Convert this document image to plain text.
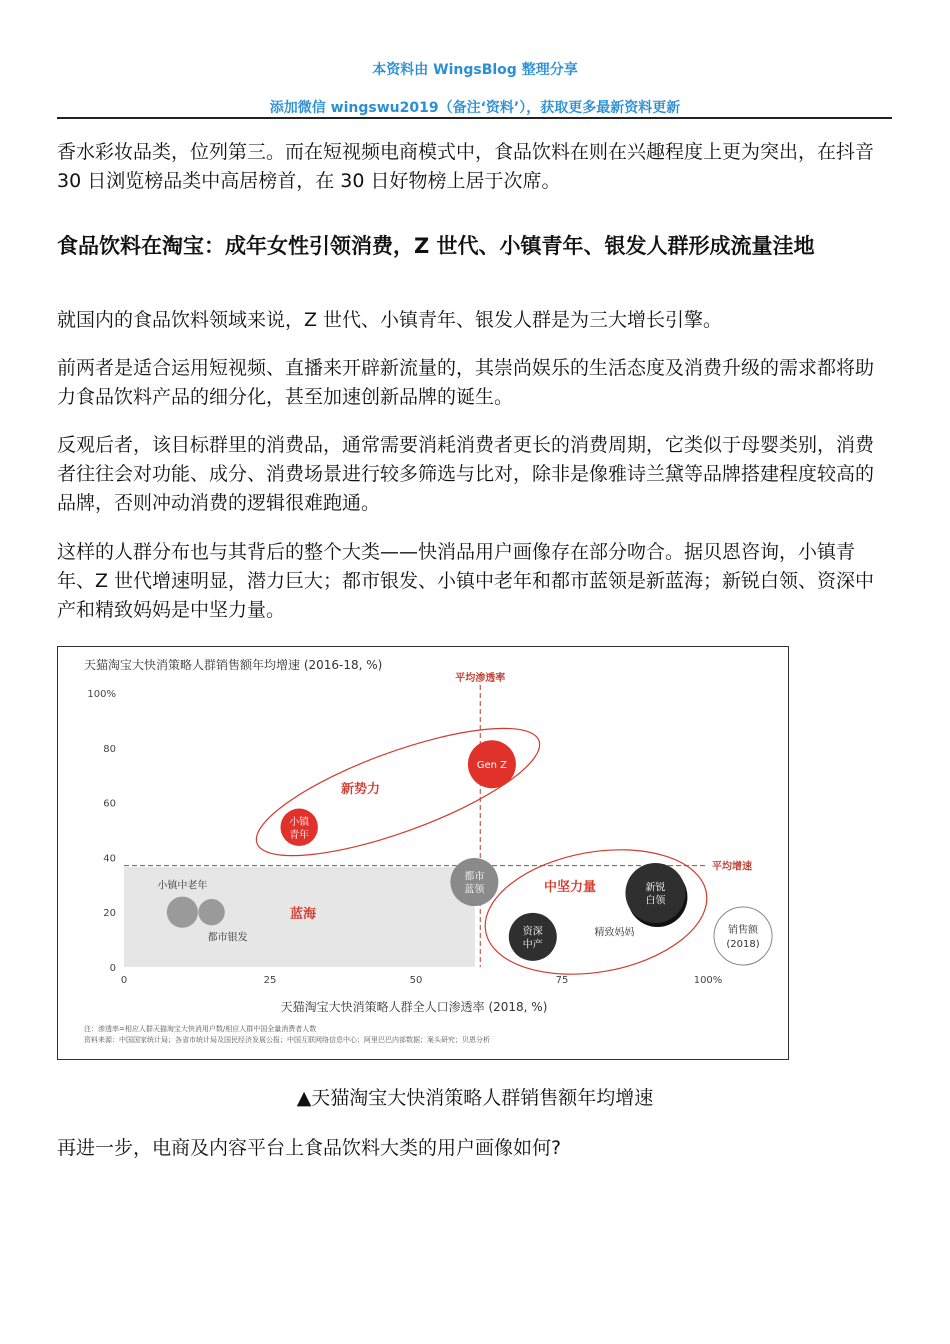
本资料由 WingsBlog 整理分享
添加微信 wingswu2019（备注‘资料’），获取更多最新资料更新

香水彩妆品类，位列第三。而在短视频电商模式中，食品饮料在则在兴趣程度上更为突出，在抖音 30 日浏览榜品类中高居榜首，在 30 日好物榜上居于次席。

食品饮料在淘宝：成年女性引领消费，Z 世代、小镇青年、银发人群形成流量洼地

就国内的食品饮料领域来说，Z 世代、小镇青年、银发人群是为三大增长引擎。

前两者是适合运用短视频、直播来开辟新流量的，其崇尚娱乐的生活态度及消费升级的需求都将助力食品饮料产品的细分化，甚至加速创新品牌的诞生。

反观后者，该目标群里的消费品，通常需要消耗消费者更长的消费周期，它类似于母婴类别，消费者往往会对功能、成分、消费场景进行较多筛选与比对，除非是像雅诗兰黛等品牌搭建程度较高的品牌，否则冲动消费的逻辑很难跑通。

这样的人群分布也与其背后的整个大类——快消品用户画像存在部分吻合。据贝恩咨询，小镇青年、Z 世代增速明显，潜力巨大；都市银发、小镇中老年和都市蓝领是新蓝海；新锐白领、资深中产和精致妈妈是中坚力量。

天猫淘宝大快消策略人群销售额年均增速 (2016-18, %)
0
20
40
60
80
100%
0	25	50	75	100%
平均渗透率
平均增速
新势力
中坚力量
蓝海
Gen Z
小镇
青年
都市
蓝领	新锐
白领
资深
中产
精致妈妈
小镇中老年
都市银发
销售额
(2018)
天猫淘宝大快消策略人群全人口渗透率 (2018, %)
注：渗透率=相应人群天猫淘宝大快消用户数/相应人群中国全量消费者人数
资料来源：中国国家统计局；各省市统计局及国民经济发展公报；中国互联网络信息中心；阿里巴巴内部数据；案头研究；贝恩分析
▲天猫淘宝大快消策略人群销售额年均增速

再进一步，电商及内容平台上食品饮料大类的用户画像如何?
